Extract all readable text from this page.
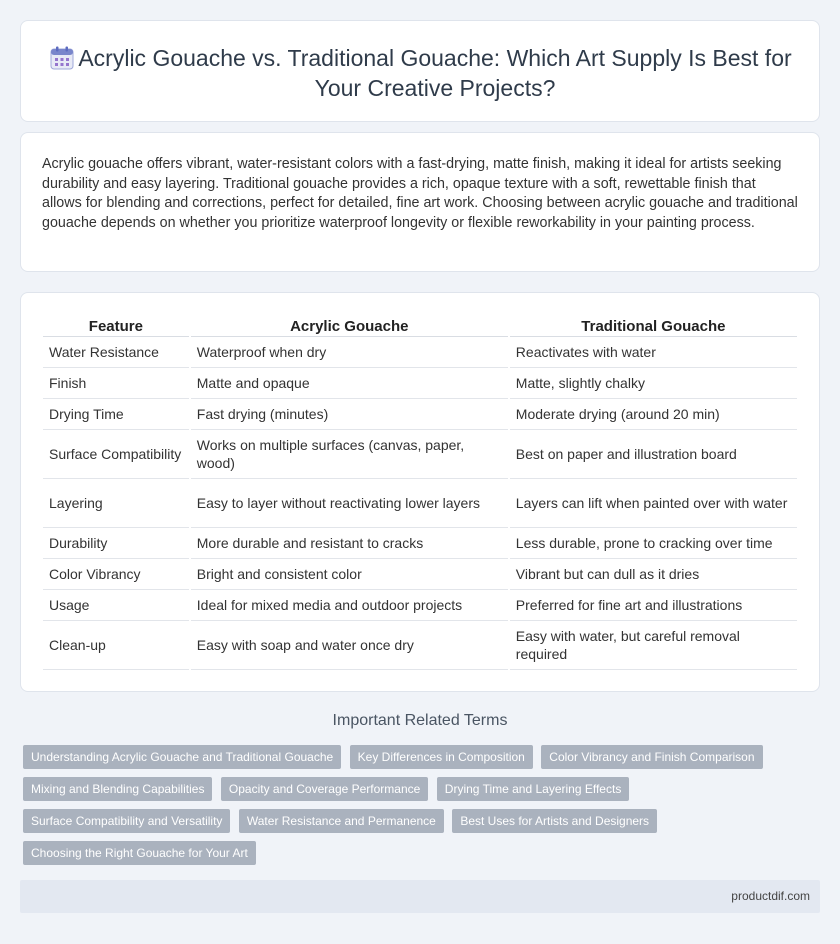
Acrylic Gouache vs. Traditional Gouache: Which Art Supply Is Best for Your Creative Projects?

Acrylic gouache offers vibrant, water-resistant colors with a fast-drying, matte finish, making it ideal for artists seeking durability and easy layering. Traditional gouache provides a rich, opaque texture with a soft, rewettable finish that allows for blending and corrections, perfect for detailed, fine art work. Choosing between acrylic gouache and traditional gouache depends on whether you prioritize waterproof longevity or flexible reworkability in your painting process.

Feature	Acrylic Gouache	Traditional Gouache
Water Resistance	Waterproof when dry	Reactivates with water
Finish	Matte and opaque	Matte, slightly chalky
Drying Time	Fast drying (minutes)	Moderate drying (around 20 min)
Surface Compatibility	Works on multiple surfaces (canvas, paper, wood)	Best on paper and illustration board
Layering	Easy to layer without reactivating lower layers	Layers can lift when painted over with water
Durability	More durable and resistant to cracks	Less durable, prone to cracking over time
Color Vibrancy	Bright and consistent color	Vibrant but can dull as it dries
Usage	Ideal for mixed media and outdoor projects	Preferred for fine art and illustrations
Clean-up	Easy with soap and water once dry	Easy with water, but careful removal required
Important Related Terms
Understanding Acrylic Gouache and Traditional Gouache Key Differences in Composition Color Vibrancy and Finish Comparison Mixing and Blending Capabilities Opacity and Coverage Performance Drying Time and Layering Effects Surface Compatibility and Versatility Water Resistance and Permanence Best Uses for Artists and Designers Choosing the Right Gouache for Your Art
productdif.com
